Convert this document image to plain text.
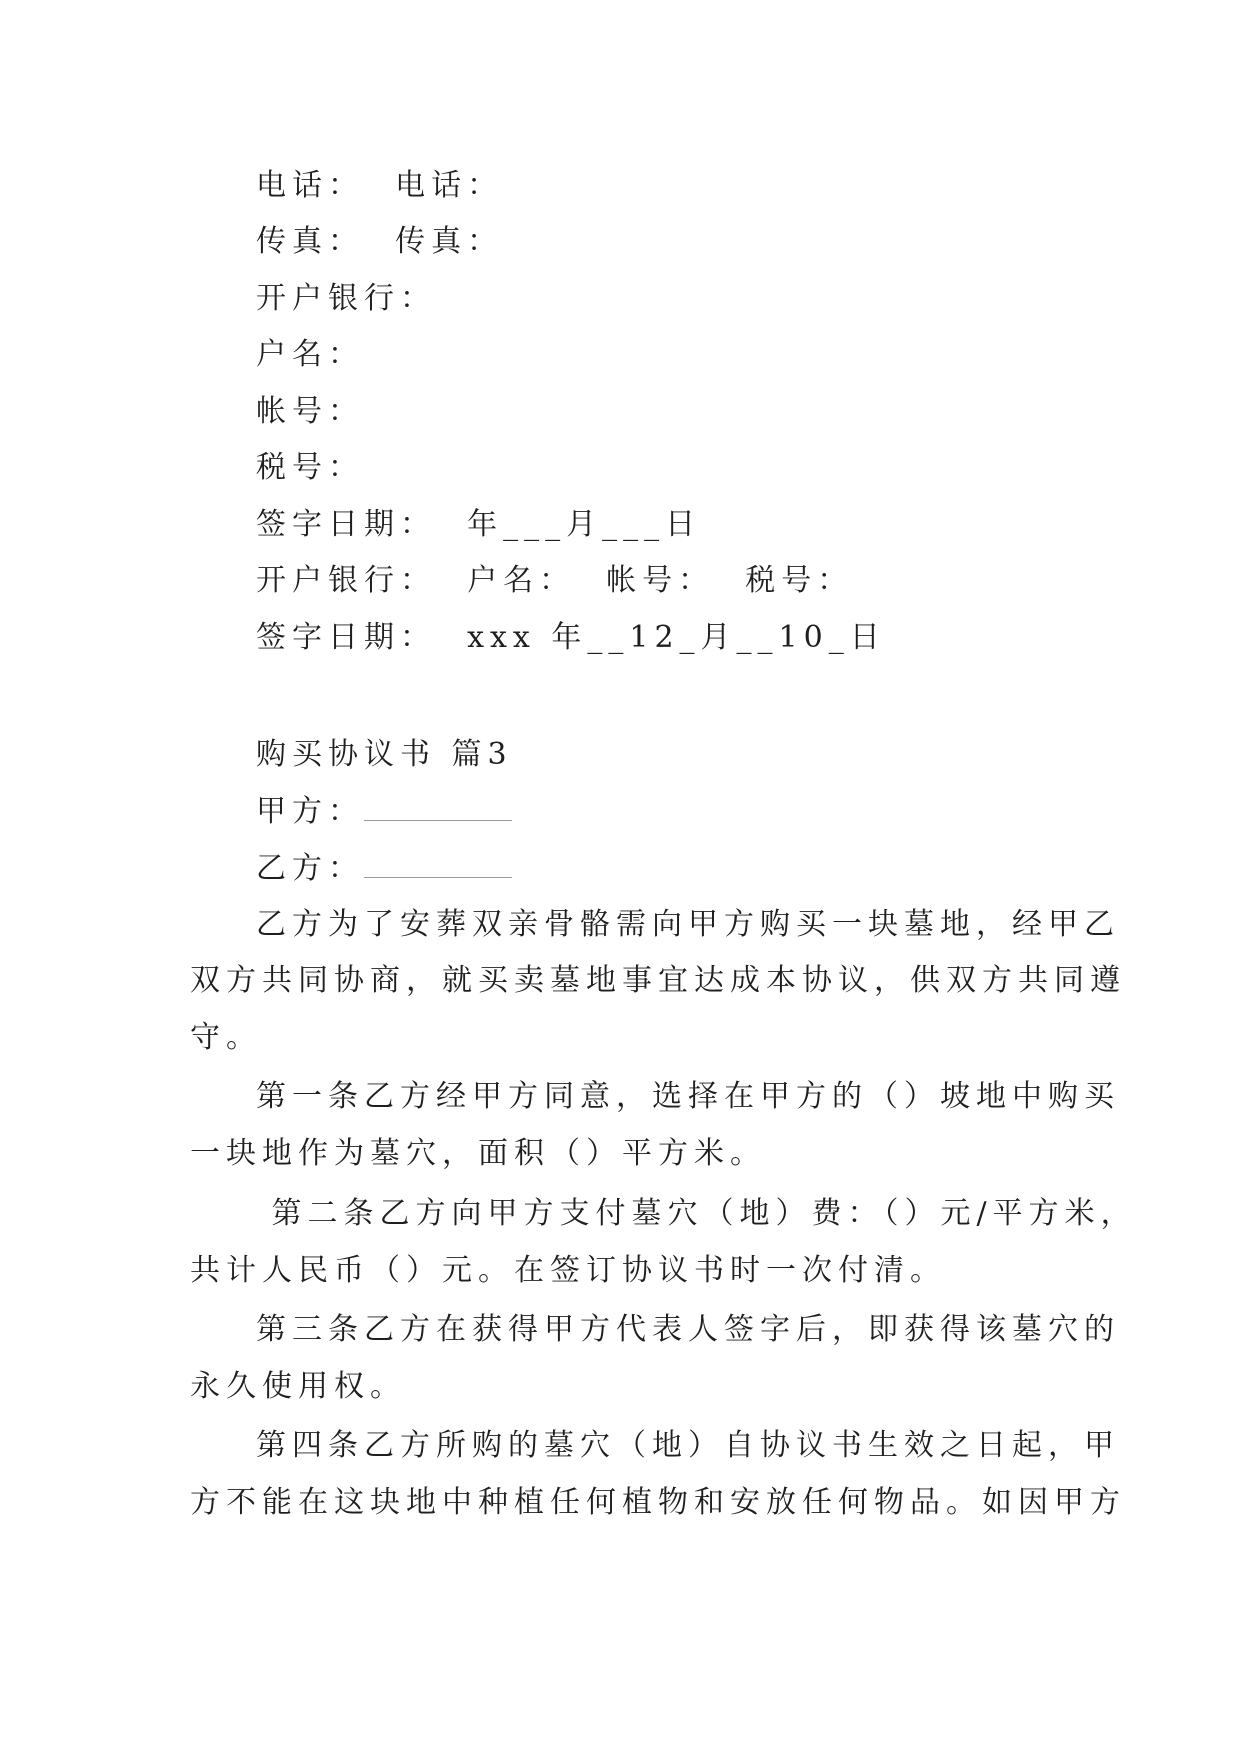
电话：  电话：
传真：  传真：
开户银行：
户名：
帐号：
税号：
签字日期：  年___月___日
开户银行：  户名：  帐号：  税号：
签字日期：  xxx 年__12_月__10_日
购买协议书 篇3
甲方：
乙方：
乙方为了安葬双亲骨骼需向甲方购买一块墓地，经甲乙
双方共同协商，就买卖墓地事宜达成本协议，供双方共同遵
守。
第一条乙方经甲方同意，选择在甲方的（）坡地中购买
一块地作为墓穴，面积（）平方米。
第二条乙方向甲方支付墓穴（地）费：（）元/平方米，
共计人民币（）元。在签订协议书时一次付清。
第三条乙方在获得甲方代表人签字后，即获得该墓穴的
永久使用权。
第四条乙方所购的墓穴（地）自协议书生效之日起，甲
方不能在这块地中种植任何植物和安放任何物品。如因甲方
